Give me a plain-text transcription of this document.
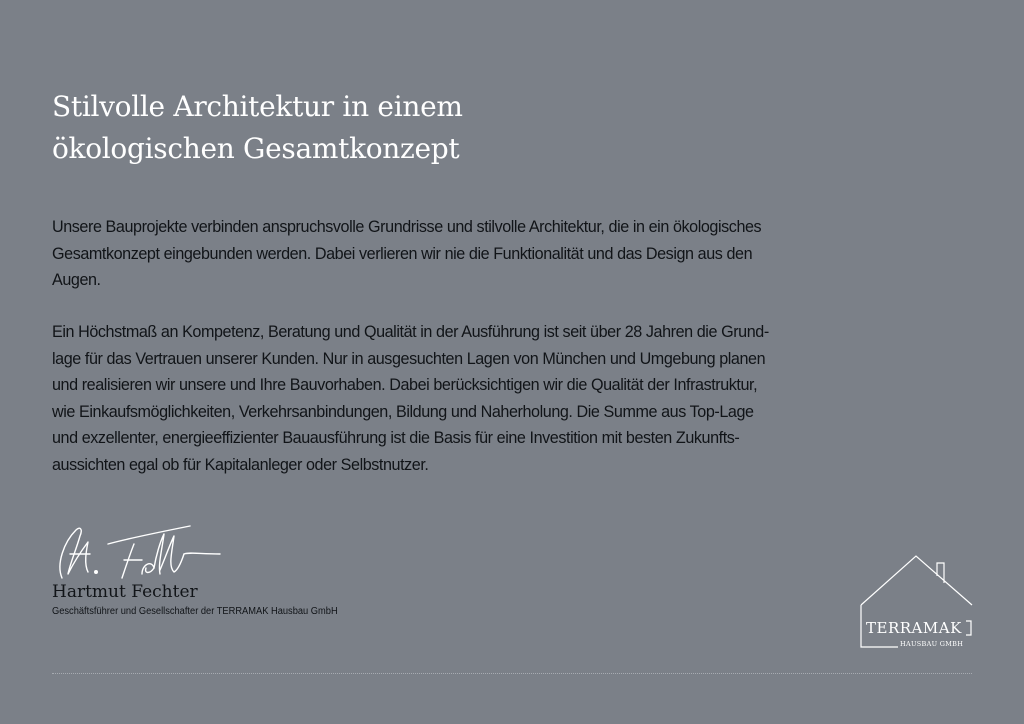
Stilvolle Architektur in einem
ökologischen Gesamtkonzept

Unsere Bauprojekte verbinden anspruchsvolle Grundrisse und stilvolle Architektur, die in ein ökologisches
Gesamtkonzept eingebunden werden. Dabei verlieren wir nie die Funktionalität und das Design aus den
Augen.

Ein Höchstmaß an Kompetenz, Beratung und Qualität in der Ausführung ist seit über 28 Jahren die Grund-
lage für das Vertrauen unserer Kunden. Nur in ausgesuchten Lagen von München und Umgebung planen
und realisieren wir unsere und Ihre Bauvorhaben. Dabei berücksichtigen wir die Qualität der Infrastruktur,
wie Einkaufsmöglichkeiten, Verkehrsanbindungen, Bildung und Naherholung. Die Summe aus Top-Lage
und exzellenter, energieeffizienter Bauausführung ist die Basis für eine Investition mit besten Zukunfts-
aussichten egal ob für Kapitalanleger oder Selbstnutzer.

Hartmut Fechter

Geschäftsführer und Gesellschafter der TERRAMAK Hausbau GmbH

TERRAMAK
HAUSBAU GMBH
